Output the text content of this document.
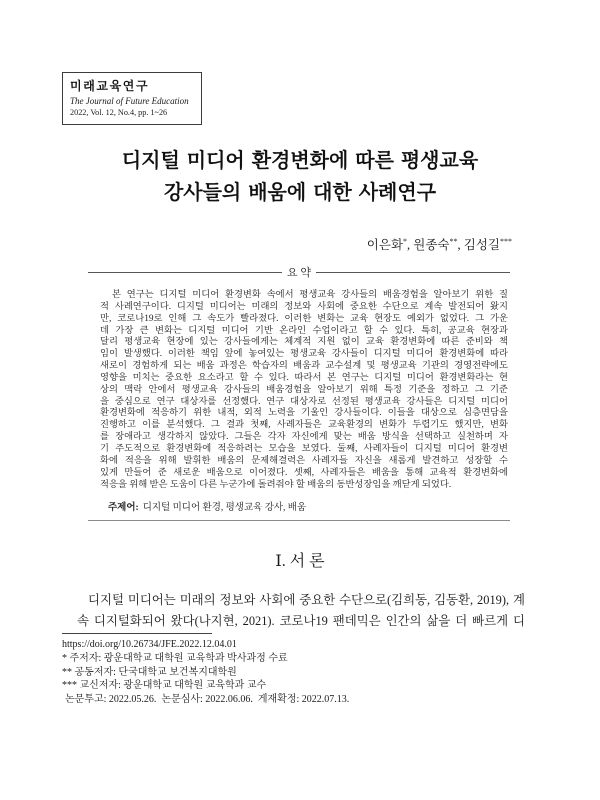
미래교육연구
The Journal of Future Education
2022, Vol. 12, No.4, pp. 1~26
디지털 미디어 환경변화에 따른 평생교육
강사들의 배움에 대한 사례연구
이은화*, 원종숙**, 김성길***
요 약
본 연구는 디지털 미디어 환경변화 속에서 평생교육 강사들의 배움경험을 알아보기 위한 질
적 사례연구이다. 디지털 미디어는 미래의 정보와 사회에 중요한 수단으로 계속 발전되어 왔지
만, 코로나19로 인해 그 속도가 빨라졌다. 이러한 변화는 교육 현장도 예외가 없었다. 그 가운
데 가장 큰 변화는 디지털 미디어 기반 온라인 수업이라고 할 수 있다. 특히, 공교육 현장과
달리 평생교육 현장에 있는 강사들에게는 체계적 지원 없이 교육 환경변화에 따른 준비와 책
임이 발생했다. 이러한 책임 앞에 놓여있는 평생교육 강사들이 디지털 미디어 환경변화에 따라
새로이 경험하게 되는 배움 과정은 학습자의 배움과 교수설계 및 평생교육 기관의 경영전략에도
영향을 미치는 중요한 요소라고 할 수 있다. 따라서 본 연구는 디지털 미디어 환경변화라는 현
상의 맥락 안에서 평생교육 강사들의 배움경험을 알아보기 위해 특정 기준을 정하고 그 기준
을 중심으로 연구 대상자를 선정했다. 연구 대상자로 선정된 평생교육 강사들은 디지털 미디어
환경변화에 적응하기 위한 내적, 외적 노력을 기울인 강사들이다. 이들을 대상으로 심층면담을
진행하고 이를 분석했다. 그 결과 첫째, 사례자들은 교육환경의 변화가 두렵기도 했지만, 변화
를 장애라고 생각하지 않았다. 그들은 각자 자신에게 맞는 배움 방식을 선택하고 실천하며 자
기 주도적으로 환경변화에 적응하려는 모습을 보였다. 둘째, 사례자들이 디지털 미디어 환경변
화에 적응을 위해 발휘한 배움의 문제해결력은 사례자들 자신을 새롭게 발견하고 성장할 수
있게 만들어 준 새로운 배움으로 이어졌다. 셋째, 사례자들은 배움을 통해 교육적 환경변화에
적응을 위해 받은 도움이 다른 누군가에 돌려줘야 할 배움의 동반성장임을 깨닫게 되었다.
주제어: 디지털 미디어 환경, 평생교육 강사, 배움
Ⅰ. 서 론
디지털 미디어는 미래의 정보와 사회에 중요한 수단으로(김희동, 김동환, 2019), 계
속 디지털화되어 왔다(나지현, 2021). 코로나19 팬데믹은 인간의 삶을 더 빠르게 디
https://doi.org/10.26734/JFE.2022.12.04.01
* 주저자: 광운대학교 대학원 교육학과 박사과정 수료
** 공동저자: 단국대학교 보건복지대학원
*** 교신저자: 광운대학교 대학원 교육학과 교수
논문투고: 2022.05.26.  논문심사: 2022.06.06.  게재확정: 2022.07.13.
